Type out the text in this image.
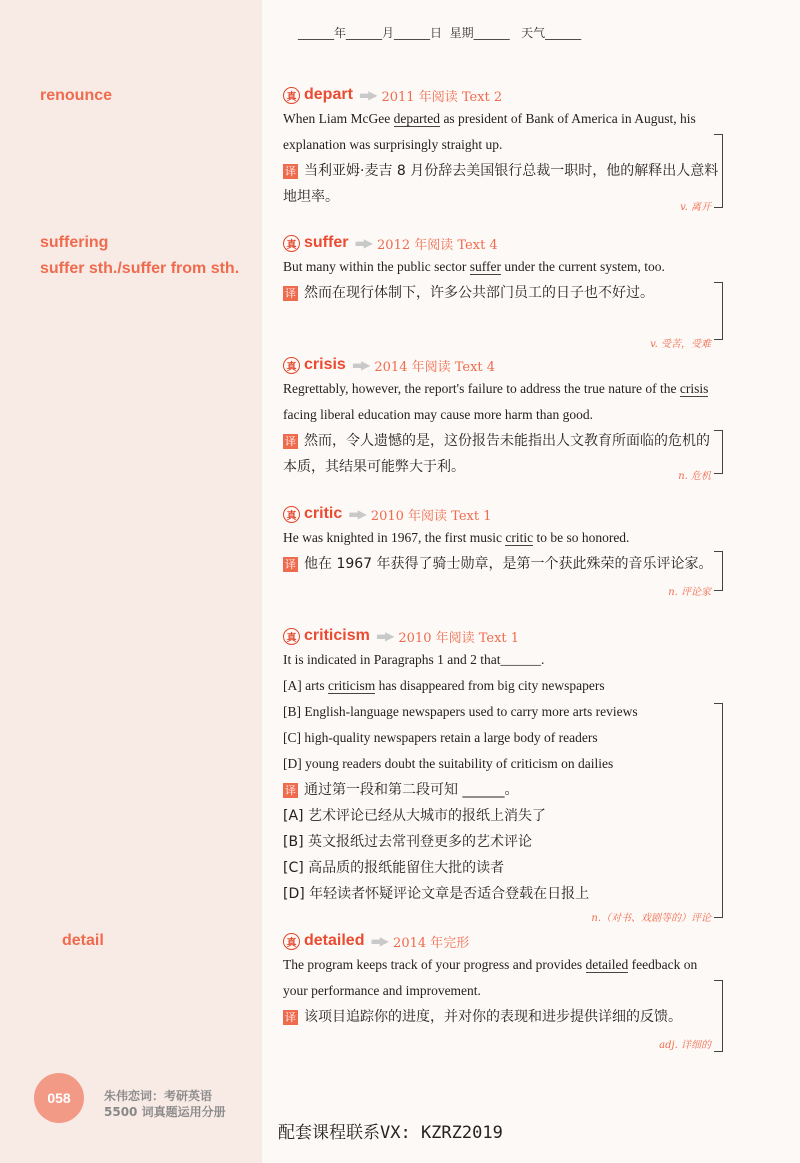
______年______月______日  星期______   天气______
renounce
suffering
suffer sth./suffer from sth.
detail
真 depart ▬▶ 2011 年阅读 Text 2
When Liam McGee departed as president of Bank of America in August, his explanation was surprisingly straight up.
译 当利亚姆·麦吉 8 月份辞去美国银行总裁一职时，他的解释出人意料地坦率。
v. 离开
真 suffer ▬▶ 2012 年阅读 Text 4
But many within the public sector suffer under the current system, too.
译 然而在现行体制下，许多公共部门员工的日子也不好过。
v. 受苦，受难
真 crisis ▬▶ 2014 年阅读 Text 4
Regrettably, however, the report's failure to address the true nature of the crisis facing liberal education may cause more harm than good.
译 然而，令人遗憾的是，这份报告未能指出人文教育所面临的危机的本质，其结果可能弊大于利。
n. 危机
真 critic ▬▶ 2010 年阅读 Text 1
He was knighted in 1967, the first music critic to be so honored.
译 他在 1967 年获得了骑士勋章，是第一个获此殊荣的音乐评论家。
n. 评论家
真 criticism ▬▶ 2010 年阅读 Text 1
It is indicated in Paragraphs 1 and 2 that______.
[A] arts criticism has disappeared from big city newspapers
[B] English-language newspapers used to carry more arts reviews
[C] high-quality newspapers retain a large body of readers
[D] young readers doubt the suitability of criticism on dailies
译 通过第一段和第二段可知 ______。
[A] 艺术评论已经从大城市的报纸上消失了
[B] 英文报纸过去常刊登更多的艺术评论
[C] 高品质的报纸能留住大批的读者
[D] 年轻读者怀疑评论文章是否适合登载在日报上
n.（对书、戏剧等的）评论
真 detailed ▬▶ 2014 年完形
The program keeps track of your progress and provides detailed feedback on your performance and improvement.
译 该项目追踪你的进度，并对你的表现和进步提供详细的反馈。
adj. 详细的
058	朱伟恋词：考研英语
5500 词真题运用分册
配套课程联系VX: KZRZ2019
